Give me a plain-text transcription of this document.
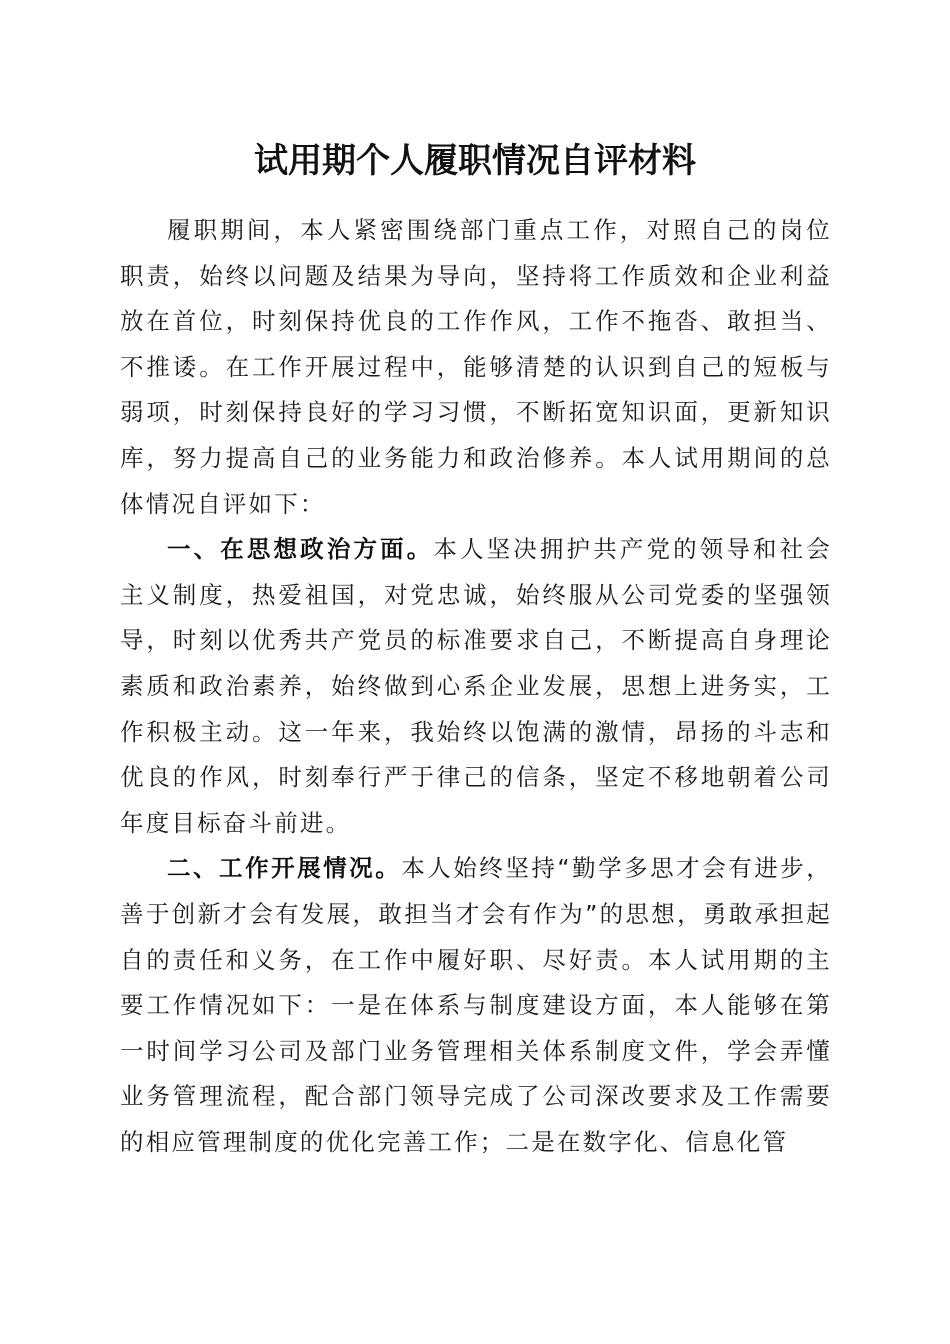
试用期个人履职情况自评材料

履职期间，本人紧密围绕部门重点工作，对照自己的岗位职责，始终以问题及结果为导向，坚持将工作质效和企业利益放在首位，时刻保持优良的工作作风，工作不拖沓、敢担当、不推诿。在工作开展过程中，能够清楚的认识到自己的短板与弱项，时刻保持良好的学习习惯，不断拓宽知识面，更新知识库，努力提高自己的业务能力和政治修养。本人试用期间的总体情况自评如下：

一、在思想政治方面。本人坚决拥护共产党的领导和社会主义制度，热爱祖国，对党忠诚，始终服从公司党委的坚强领导，时刻以优秀共产党员的标准要求自己，不断提高自身理论素质和政治素养，始终做到心系企业发展，思想上进务实，工作积极主动。这一年来，我始终以饱满的激情，昂扬的斗志和优良的作风，时刻奉行严于律己的信条，坚定不移地朝着公司年度目标奋斗前进。

二、工作开展情况。本人始终坚持“勤学多思才会有进步，善于创新才会有发展，敢担当才会有作为”的思想，勇敢承担起自的责任和义务，在工作中履好职、尽好责。本人试用期的主要工作情况如下：一是在体系与制度建设方面，本人能够在第一时间学习公司及部门业务管理相关体系制度文件，学会弄懂业务管理流程，配合部门领导完成了公司深改要求及工作需要的相应管理制度的优化完善工作；二是在数字化、信息化管
